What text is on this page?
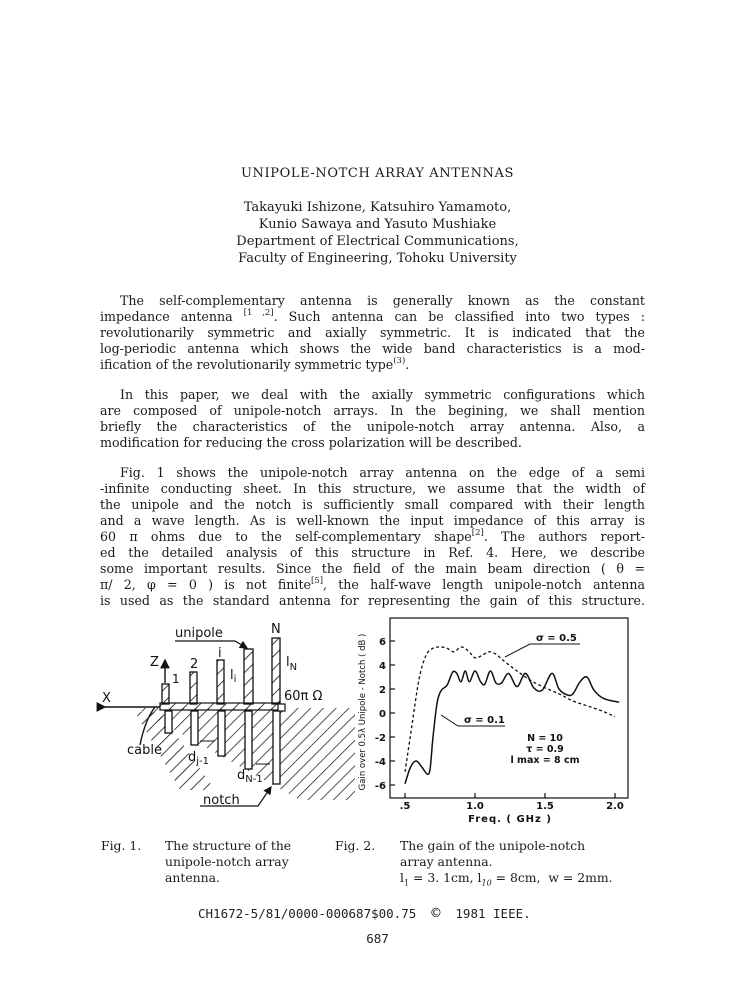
UNIPOLE-NOTCH ARRAY ANTENNAS
Takayuki Ishizone, Katsuhiro Yamamoto,
Kunio Sawaya and Yasuto Mushiake
Department of Electrical Communications,
Faculty of Engineering, Tohoku University
The self-complementary antenna is generally known as the constant
impedance antenna [1 ,2]. Such antenna can be classified into two types :
revolutionarily symmetric and axially symmetric. It is indicated that the
log-periodic antenna which shows the wide band characteristics is a mod-
ification of the revolutionarily symmetric type$^{(3)}$.
In this paper, we deal with the axially symmetric configurations which
are composed of unipole-notch arrays. In the begining, we shall mention
briefly the characteristics of the unipole-notch array antenna. Also, a
modification for reducing the cross polarization will be described.
Fig. 1 shows the unipole-notch array antenna on the edge of a semi
-infinite conducting sheet. In this structure, we assume that the width of
the unipole and the notch is sufficiently small compared with their length
and a wave length. As is well-known the input impedance of this array is
60 π ohms due to the self-complementary shape[2]. The authors report-
ed the detailed analysis of this structure in Ref. 4. Here, we describe
some important results. Since the field of the main beam direction ( θ =
π/ 2, φ = 0 ) is not finite[5], the half-wave length unipole-notch antenna
is used as the standard antenna for representing the gain of this structure.
unipole	N
$l_N$
Z
1
2
i
$l_i$
X	60π Ω
cable $d_{j-1}$
$d_{N-1}$
notch
6
4
2
0
-2
-4
-6
.5	1.0	1.5	2.0
Gain over 0.5λ Unipole - Notch ( dB )
Freq. ( GHz )
σ = 0.5
σ = 0.1
N = 10
τ = 0.9
l max = 8 cm
Fig. 1. The structure of the
unipole-notch array
antenna.
Fig. 2. The gain of the unipole-notch
array antenna.
$l_1 = 3$. 1cm, $l_{10} = 8cm$, w = 2mm.
CH1672-5/81/0000-000687$00.75 © 1981 IEEE.
687
